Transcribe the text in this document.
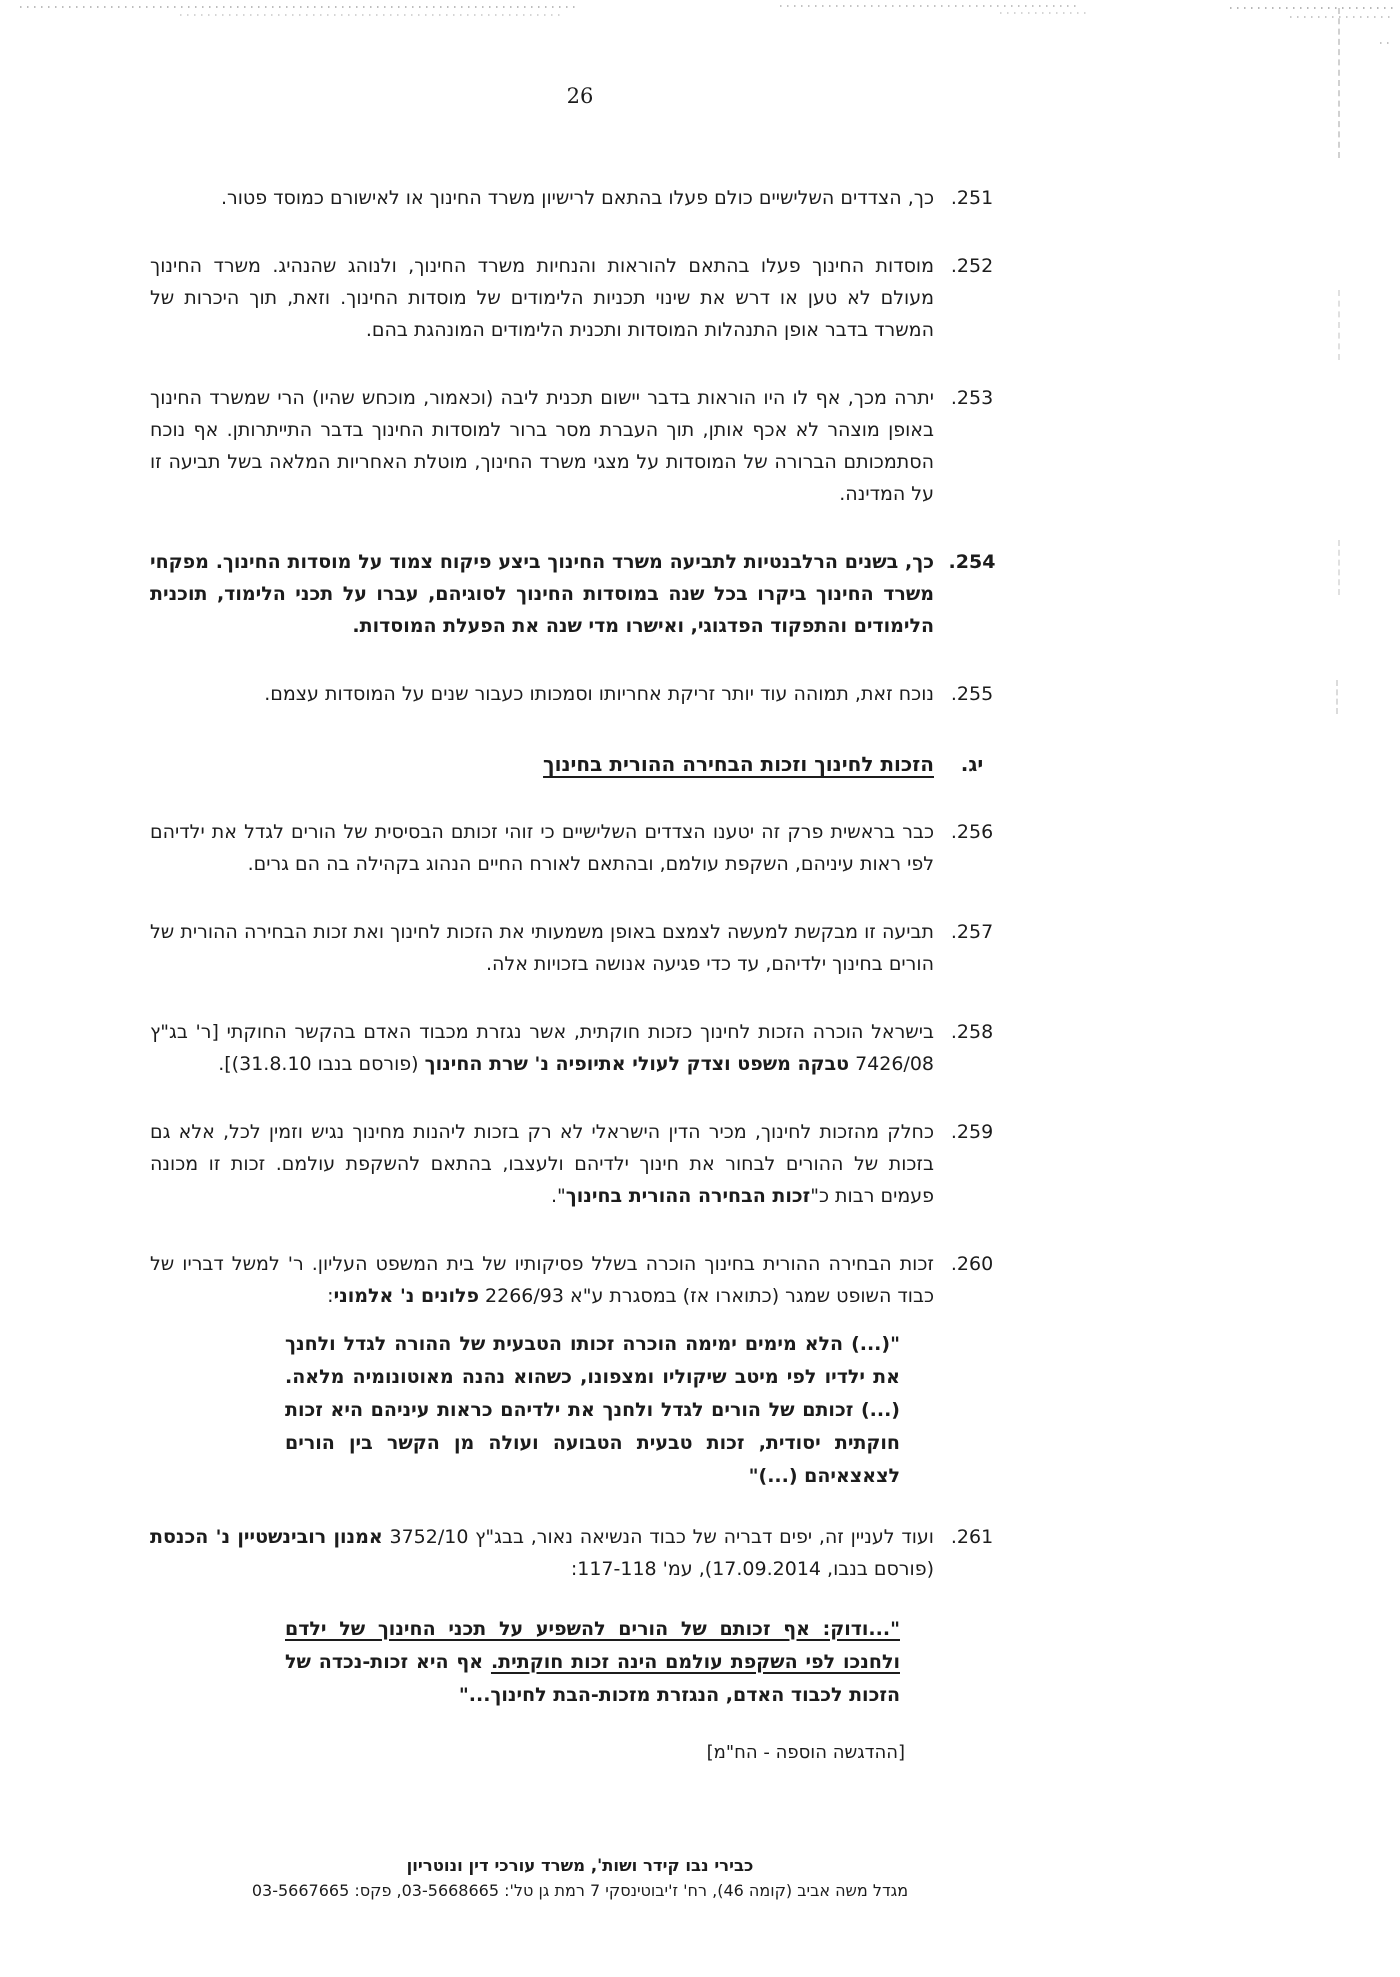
26
251.
כך, הצדדים השלישיים כולם פעלו בהתאם לרישיון משרד החינוך או לאישורם כמוסד פטור.
252.
מוסדות החינוך פעלו בהתאם להוראות והנחיות משרד החינוך, ולנוהג שהנהיג. משרד החינוך מעולם לא טען או דרש את שינוי תכניות הלימודים של מוסדות החינוך. וזאת, תוך היכרות של המשרד בדבר אופן התנהלות המוסדות ותכנית הלימודים המונהגת בהם.
253.
יתרה מכך, אף לו היו הוראות בדבר יישום תכנית ליבה (וכאמור, מוכחש שהיו) הרי שמשרד החינוך באופן מוצהר לא אכף אותן, תוך העברת מסר ברור למוסדות החינוך בדבר התייתרותן. אף נוכח הסתמכותם הברורה של המוסדות על מצגי משרד החינוך, מוטלת האחריות המלאה בשל תביעה זו על המדינה.
254.
כך, בשנים הרלבנטיות לתביעה משרד החינוך ביצע פיקוח צמוד על מוסדות החינוך. מפקחי משרד החינוך ביקרו בכל שנה במוסדות החינוך לסוגיהם, עברו על תכני הלימוד, תוכנית הלימודים והתפקוד הפדגוגי, ואישרו מדי שנה את הפעלת המוסדות.
255.
נוכח זאת, תמוהה עוד יותר זריקת אחריותו וסמכותו כעבור שנים על המוסדות עצמם.
יג.
הזכות לחינוך וזכות הבחירה ההורית בחינוך
256.
כבר בראשית פרק זה יטענו הצדדים השלישיים כי זוהי זכותם הבסיסית של הורים לגדל את ילדיהם לפי ראות עיניהם, השקפת עולמם, ובהתאם לאורח החיים הנהוג בקהילה בה הם גרים.
257.
תביעה זו מבקשת למעשה לצמצם באופן משמעותי את הזכות לחינוך ואת זכות הבחירה ההורית של הורים בחינוך ילדיהם, עד כדי פגיעה אנושה בזכויות אלה.
258.
בישראל הוכרה הזכות לחינוך כזכות חוקתית, אשר נגזרת מכבוד האדם בהקשר החוקתי [ר' בג"ץ 7426/08 טבקה משפט וצדק לעולי אתיופיה נ' שרת החינוך (פורסם בנבו 31.8.10)].
259.
כחלק מהזכות לחינוך, מכיר הדין הישראלי לא רק בזכות ליהנות מחינוך נגיש וזמין לכל, אלא גם בזכות של ההורים לבחור את חינוך ילדיהם ולעצבו, בהתאם להשקפת עולמם. זכות זו מכונה פעמים רבות כ"זכות הבחירה ההורית בחינוך".
260.
זכות הבחירה ההורית בחינוך הוכרה בשלל פסיקותיו של בית המשפט העליון. ר' למשל דבריו של כבוד השופט שמגר (כתוארו אז) במסגרת ע"א 2266/93 פלונים נ' אלמוני:
"(...) הלא מימים ימימה הוכרה זכותו הטבעית של ההורה לגדל ולחנך את ילדיו לפי מיטב שיקוליו ומצפונו, כשהוא נהנה מאוטונומיה מלאה. (...) זכותם של הורים לגדל ולחנך את ילדיהם כראות עיניהם היא זכות חוקתית יסודית, זכות טבעית הטבועה ועולה מן הקשר בין הורים לצאצאיהם (...)"
261.
ועוד לעניין זה, יפים דבריה של כבוד הנשיאה נאור, בבג"ץ 3752/10 אמנון רובינשטיין נ' הכנסת (פורסם בנבו, 17.09.2014), עמ' 117-118:
"...ודוק: אף זכותם של הורים להשפיע על תכני החינוך של ילדם ולחנכו לפי השקפת עולמם הינה זכות חוקתית. אף היא זכות-נכדה של הזכות לכבוד האדם, הנגזרת מזכות-הבת לחינוך..."
[ההדגשה הוספה - הח"מ]
כבירי נבו קידר ושות', משרד עורכי דין ונוטריון
מגדל משה אביב (קומה 46), רח' ז'יבוטינסקי 7 רמת גן טל': 03-5668665, פקס: 03-5667665
